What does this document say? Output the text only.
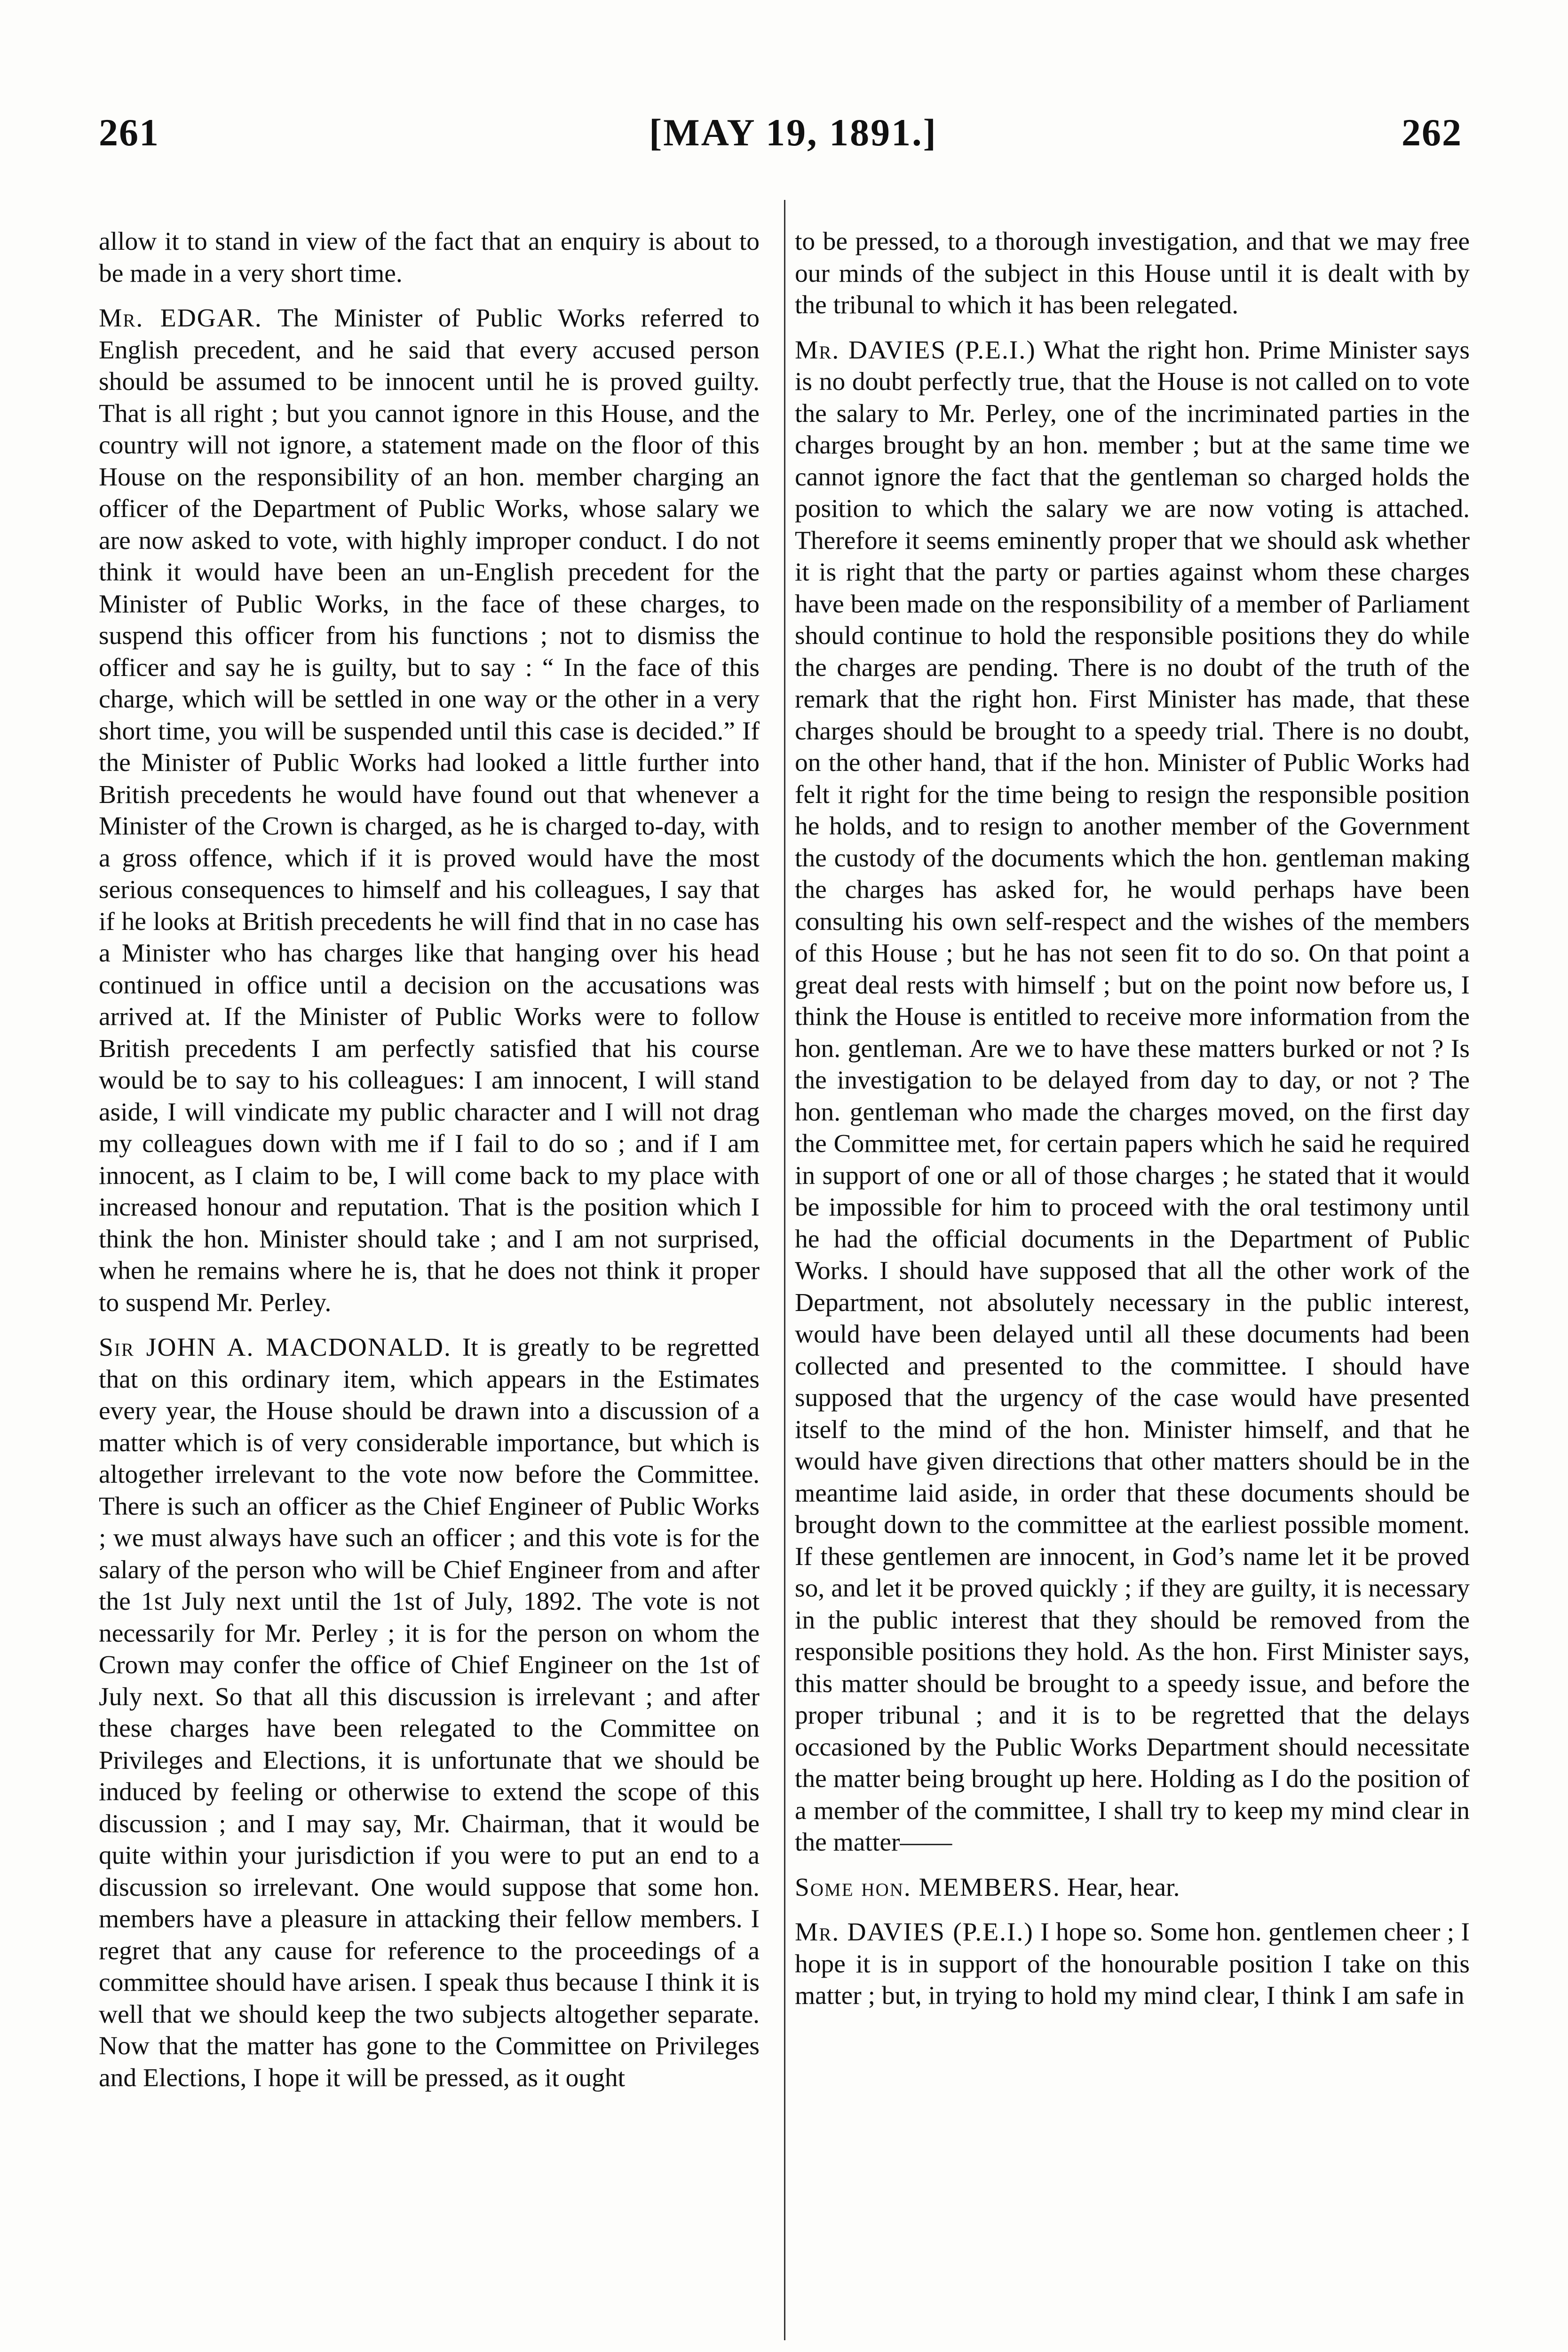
261	[MAY 19, 1891.]	262

allow it to stand in view of the fact that an enquiry is about to be made in a very short time.

Mr. EDGAR. The Minister of Public Works referred to English precedent, and he said that every accused person should be assumed to be innocent until he is proved guilty. That is all right ; but you cannot ignore in this House, and the country will not ignore, a statement made on the floor of this House on the responsibility of an hon. member charging an officer of the Department of Public Works, whose salary we are now asked to vote, with highly improper conduct. I do not think it would have been an un-English precedent for the Minister of Public Works, in the face of these charges, to suspend this officer from his functions ; not to dismiss the officer and say he is guilty, but to say : “ In the face of this charge, which will be settled in one way or the other in a very short time, you will be suspended until this case is decided.” If the Minister of Public Works had looked a little further into British precedents he would have found out that whenever a Minister of the Crown is charged, as he is charged to-day, with a gross offence, which if it is proved would have the most serious consequences to himself and his colleagues, I say that if he looks at British precedents he will find that in no case has a Minister who has charges like that hanging over his head continued in office until a decision on the accusations was arrived at. If the Minister of Public Works were to follow British precedents I am perfectly satisfied that his course would be to say to his colleagues: I am innocent, I will stand aside, I will vindicate my public character and I will not drag my colleagues down with me if I fail to do so ; and if I am innocent, as I claim to be, I will come back to my place with increased honour and reputation. That is the position which I think the hon. Minister should take ; and I am not surprised, when he remains where he is, that he does not think it proper to suspend Mr. Perley.

Sir JOHN A. MACDONALD. It is greatly to be regretted that on this ordinary item, which appears in the Estimates every year, the House should be drawn into a discussion of a matter which is of very considerable importance, but which is altogether irrelevant to the vote now before the Committee. There is such an officer as the Chief Engineer of Public Works ; we must always have such an officer ; and this vote is for the salary of the person who will be Chief Engineer from and after the 1st July next until the 1st of July, 1892. The vote is not necessarily for Mr. Perley ; it is for the person on whom the Crown may confer the office of Chief Engineer on the 1st of July next. So that all this discussion is irrelevant ; and after these charges have been relegated to the Committee on Privileges and Elections, it is unfortunate that we should be induced by feeling or otherwise to extend the scope of this discussion ; and I may say, Mr. Chairman, that it would be quite within your jurisdiction if you were to put an end to a discussion so irrelevant. One would suppose that some hon. members have a pleasure in attacking their fellow members. I regret that any cause for reference to the proceedings of a committee should have arisen. I speak thus because I think it is well that we should keep the two subjects altogether separate. Now that the matter has gone to the Committee on Privileges and Elections, I hope it will be pressed, as it ought

to be pressed, to a thorough investigation, and that we may free our minds of the subject in this House until it is dealt with by the tribunal to which it has been relegated.

Mr. DAVIES (P.E.I.) What the right hon. Prime Minister says is no doubt perfectly true, that the House is not called on to vote the salary to Mr. Perley, one of the incriminated parties in the charges brought by an hon. member ; but at the same time we cannot ignore the fact that the gentleman so charged holds the position to which the salary we are now voting is attached. Therefore it seems eminently proper that we should ask whether it is right that the party or parties against whom these charges have been made on the responsibility of a member of Parliament should continue to hold the responsible positions they do while the charges are pending. There is no doubt of the truth of the remark that the right hon. First Minister has made, that these charges should be brought to a speedy trial. There is no doubt, on the other hand, that if the hon. Minister of Public Works had felt it right for the time being to resign the responsible position he holds, and to resign to another member of the Government the custody of the documents which the hon. gentleman making the charges has asked for, he would perhaps have been consulting his own self-respect and the wishes of the members of this House ; but he has not seen fit to do so. On that point a great deal rests with himself ; but on the point now before us, I think the House is entitled to receive more information from the hon. gentleman. Are we to have these matters burked or not ? Is the investigation to be delayed from day to day, or not ? The hon. gentleman who made the charges moved, on the first day the Committee met, for certain papers which he said he required in support of one or all of those charges ; he stated that it would be impossible for him to proceed with the oral testimony until he had the official documents in the Department of Public Works. I should have supposed that all the other work of the Department, not absolutely necessary in the public interest, would have been delayed until all these documents had been collected and presented to the committee. I should have supposed that the urgency of the case would have presented itself to the mind of the hon. Minister himself, and that he would have given directions that other matters should be in the meantime laid aside, in order that these documents should be brought down to the committee at the earliest possible moment. If these gentlemen are innocent, in God’s name let it be proved so, and let it be proved quickly ; if they are guilty, it is necessary in the public interest that they should be removed from the responsible positions they hold. As the hon. First Minister says, this matter should be brought to a speedy issue, and before the proper tribunal ; and it is to be regretted that the delays occasioned by the Public Works Department should necessitate the matter being brought up here. Holding as I do the position of a member of the committee, I shall try to keep my mind clear in the matter——

Some hon. MEMBERS. Hear, hear.

Mr. DAVIES (P.E.I.) I hope so. Some hon. gentlemen cheer ; I hope it is in support of the honourable position I take on this matter ; but, in trying to hold my mind clear, I think I am safe in
